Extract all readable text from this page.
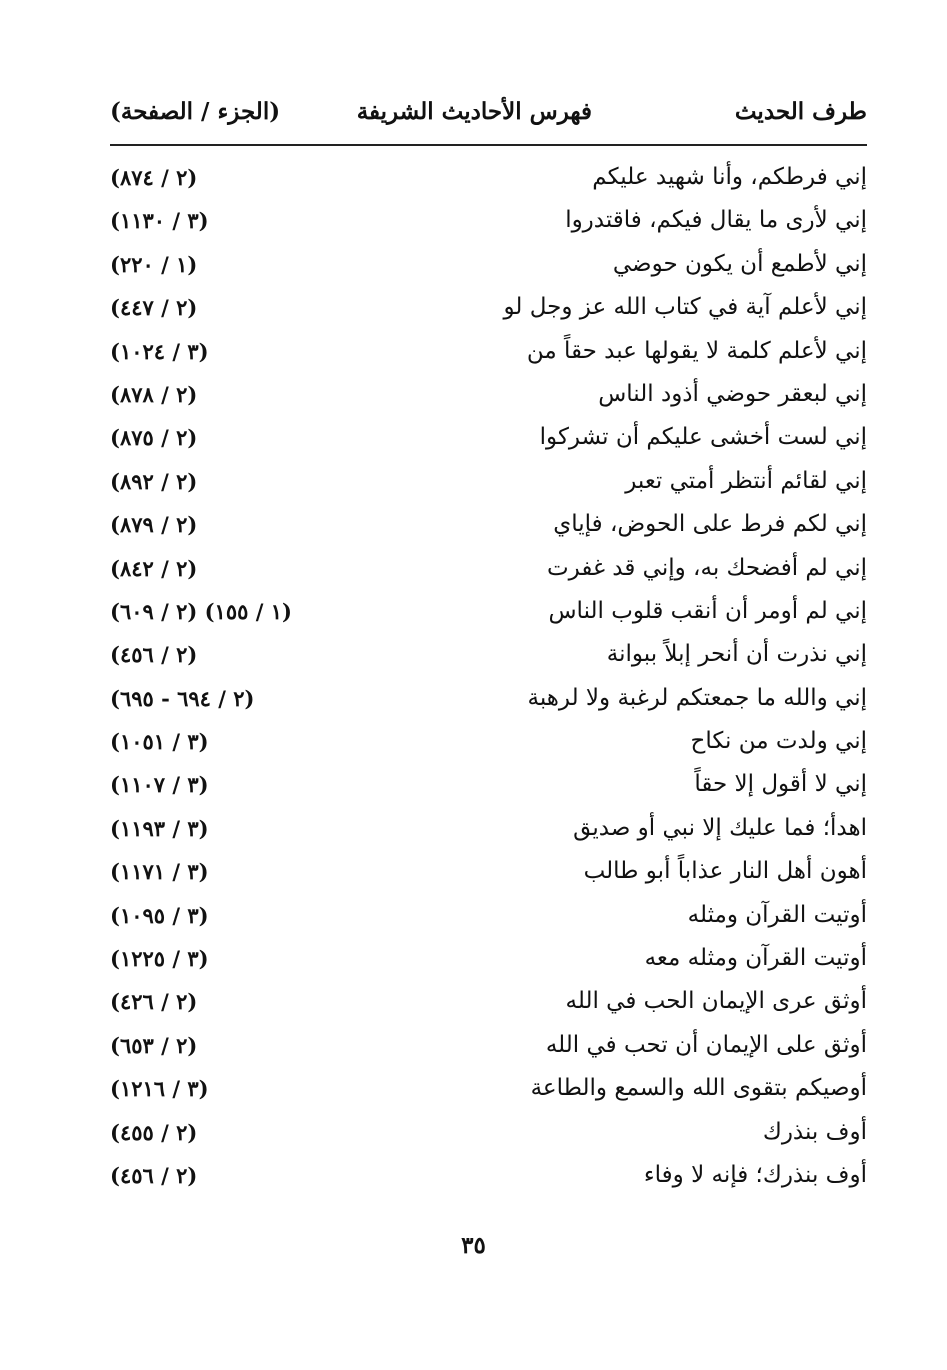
طرف الحديث
فهرس الأحاديث الشريفة
(الجزء / الصفحة)
إني فرطكم، وأنا شهيد عليكم
(٢ / ٨٧٤)
إني لأرى ما يقال فيكم، فاقتدروا
(٣ / ١١٣٠)
إني لأطمع أن يكون حوضي
(١ / ٢٢٠)
إني لأعلم آية في كتاب الله عز وجل لو
(٢ / ٤٤٧)
إني لأعلم كلمة لا يقولها عبد حقاً من
(٣ / ١٠٢٤)
إني لبعقر حوضي أذود الناس
(٢ / ٨٧٨)
إني لست أخشى عليكم أن تشركوا
(٢ / ٨٧٥)
إني لقائم أنتظر أمتي تعبر
(٢ / ٨٩٢)
إني لكم فرط على الحوض، فإياي
(٢ / ٨٧٩)
إني لم أفضحك به، وإني قد غفرت
(٢ / ٨٤٢)
إني لم أومر أن أنقب قلوب الناس
(١ / ١٥٥) (٢ / ٦٠٩)
إني نذرت أن أنحر إبلاً ببوانة
(٢ / ٤٥٦)
إني والله ما جمعتكم لرغبة ولا لرهبة
(٢ / ٦٩٤ - ٦٩٥)
إني ولدت من نكاح
(٣ / ١٠٥١)
إني لا أقول إلا حقاً
(٣ / ١١٠٧)
اهدأ؛ فما عليك إلا نبي أو صديق
(٣ / ١١٩٣)
أهون أهل النار عذاباً أبو طالب
(٣ / ١١٧١)
أوتيت القرآن ومثله
(٣ / ١٠٩٥)
أوتيت القرآن ومثله معه
(٣ / ١٢٢٥)
أوثق عرى الإيمان الحب في الله
(٢ / ٤٢٦)
أوثق على الإيمان أن تحب في الله
(٢ / ٦٥٣)
أوصيكم بتقوى الله والسمع والطاعة
(٣ / ١٢١٦)
أوف بنذرك
(٢ / ٤٥٥)
أوف بنذرك؛ فإنه لا وفاء
(٢ / ٤٥٦)
٣٥
